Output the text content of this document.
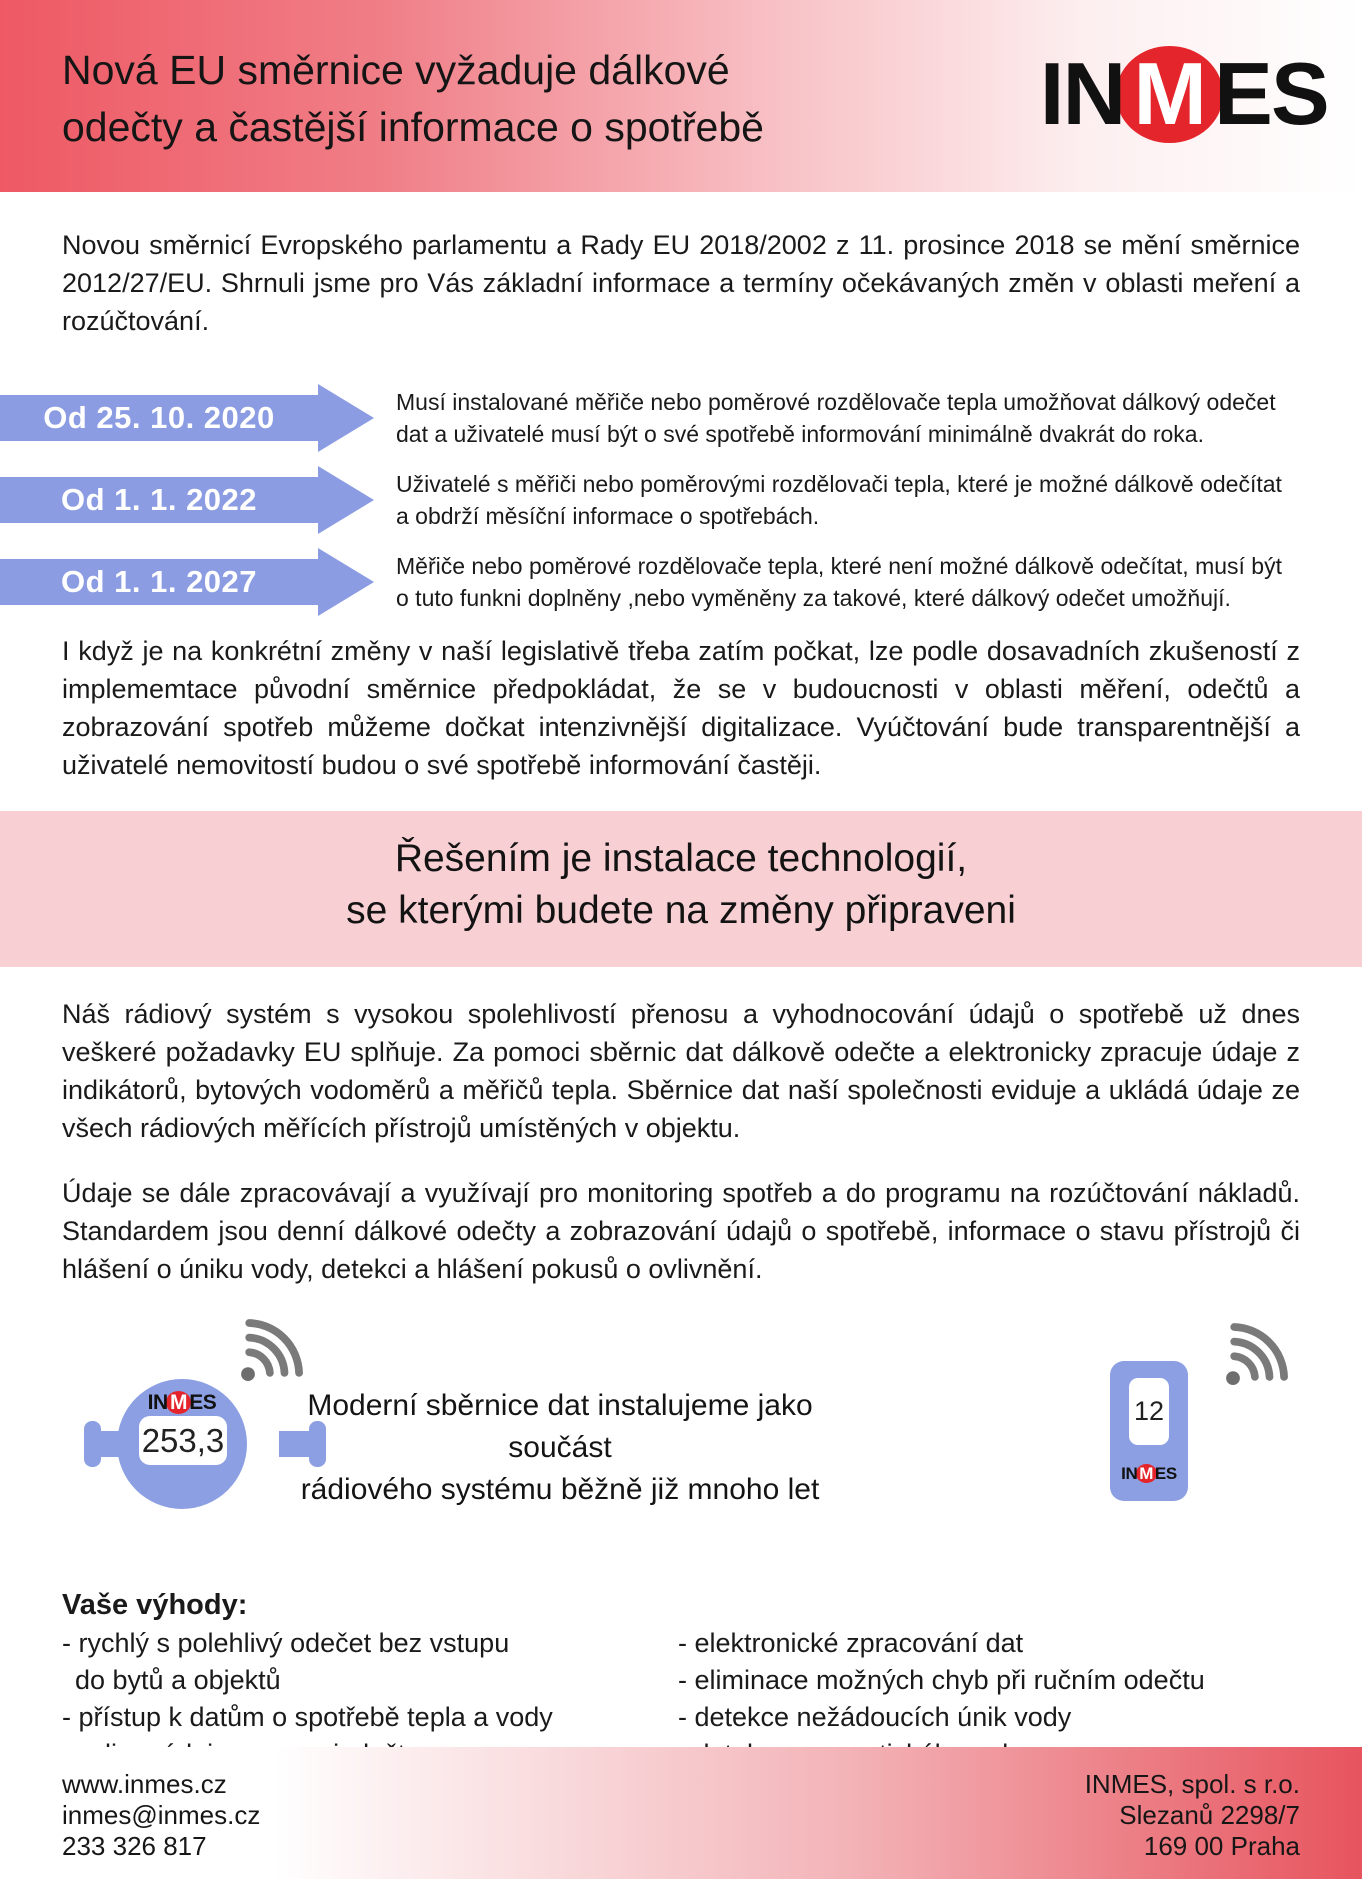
Nová EU směrnice vyžaduje dálkové
odečty a častější informace o spotřebě	IN M ES

Novou směrnicí Evropského parlamentu a Rady EU 2018/2002 z 11. prosince 2018 se mění směrnice 2012/27/EU. Shrnuli jsme pro Vás základní informace a termíny očekávaných změn v oblasti meření a rozúčtování.

Od 25. 10. 2020	Musí instalované měřiče nebo poměrové rozdělovače tepla umožňovat dálkový odečet dat a uživatelé musí být o své spotřebě informování minimálně dvakrát do roka.
Od 1. 1. 2022	Uživatelé s měřiči nebo poměrovými rozdělovači tepla, které je možné dálkově odečítat a obdrží měsíční informace o spotřebách.
Od 1. 1. 2027	Měřiče nebo poměrové rozdělovače tepla, které není možné dálkově odečítat, musí být o tuto funkni doplněny ,nebo vyměněny za takové, které dálkový odečet umožňují.

I když je na konkrétní změny v naší legislativě třeba zatím počkat, lze podle dosavadních zkušeností z implememtace původní směrnice předpokládat, že se v budoucnosti v oblasti měření, odečtů a zobrazování spotřeb můžeme dočkat intenzivnější digitalizace. Vyúčtování bude transparentnější a uživatelé nemovitostí budou o své spotřebě informování častěji.

Řešením je instalace technologií,
se kterými budete na změny připraveni

Náš rádiový systém s vysokou spolehlivostí přenosu a vyhodnocování údajů o spotřebě už dnes veškeré požadavky EU splňuje. Za pomoci sběrnic dat dálkově odečte a elektronicky zpracuje údaje z indikátorů, bytových vodoměrů a měřičů tepla. Sběrnice dat naší společnosti eviduje a ukládá údaje ze všech rádiových měřících přístrojů umístěných v objektu.

Údaje se dále zpracovávají a využívají pro monitoring spotřeb a do programu na rozúčtování nákladů. Standardem jsou denní dálkové odečty a zobrazování údajů o spotřebě, informace o stavu přístrojů či hlášení o úniku vody, detekci a hlášení pokusů o ovlivnění.

IN M ES
253,3
Moderní sběrnice dat instalujeme jako součást
rádiového systému běžně již mnoho let
12
IN M ES
Vaše výhody:
- rychlý s polehlivý odečet bez vstupu
do bytů a objektů
- přístup k datům o spotřebě tepla a vody
- elektronické zpracování dat
- eliminace možných chyb při ručním odečtu
- detekce nežádoucích únik vody
www.inmes.cz
inmes@inmes.cz
233 326 817
INMES, spol. s r.o.
Slezanů 2298/7
169 00 Praha
